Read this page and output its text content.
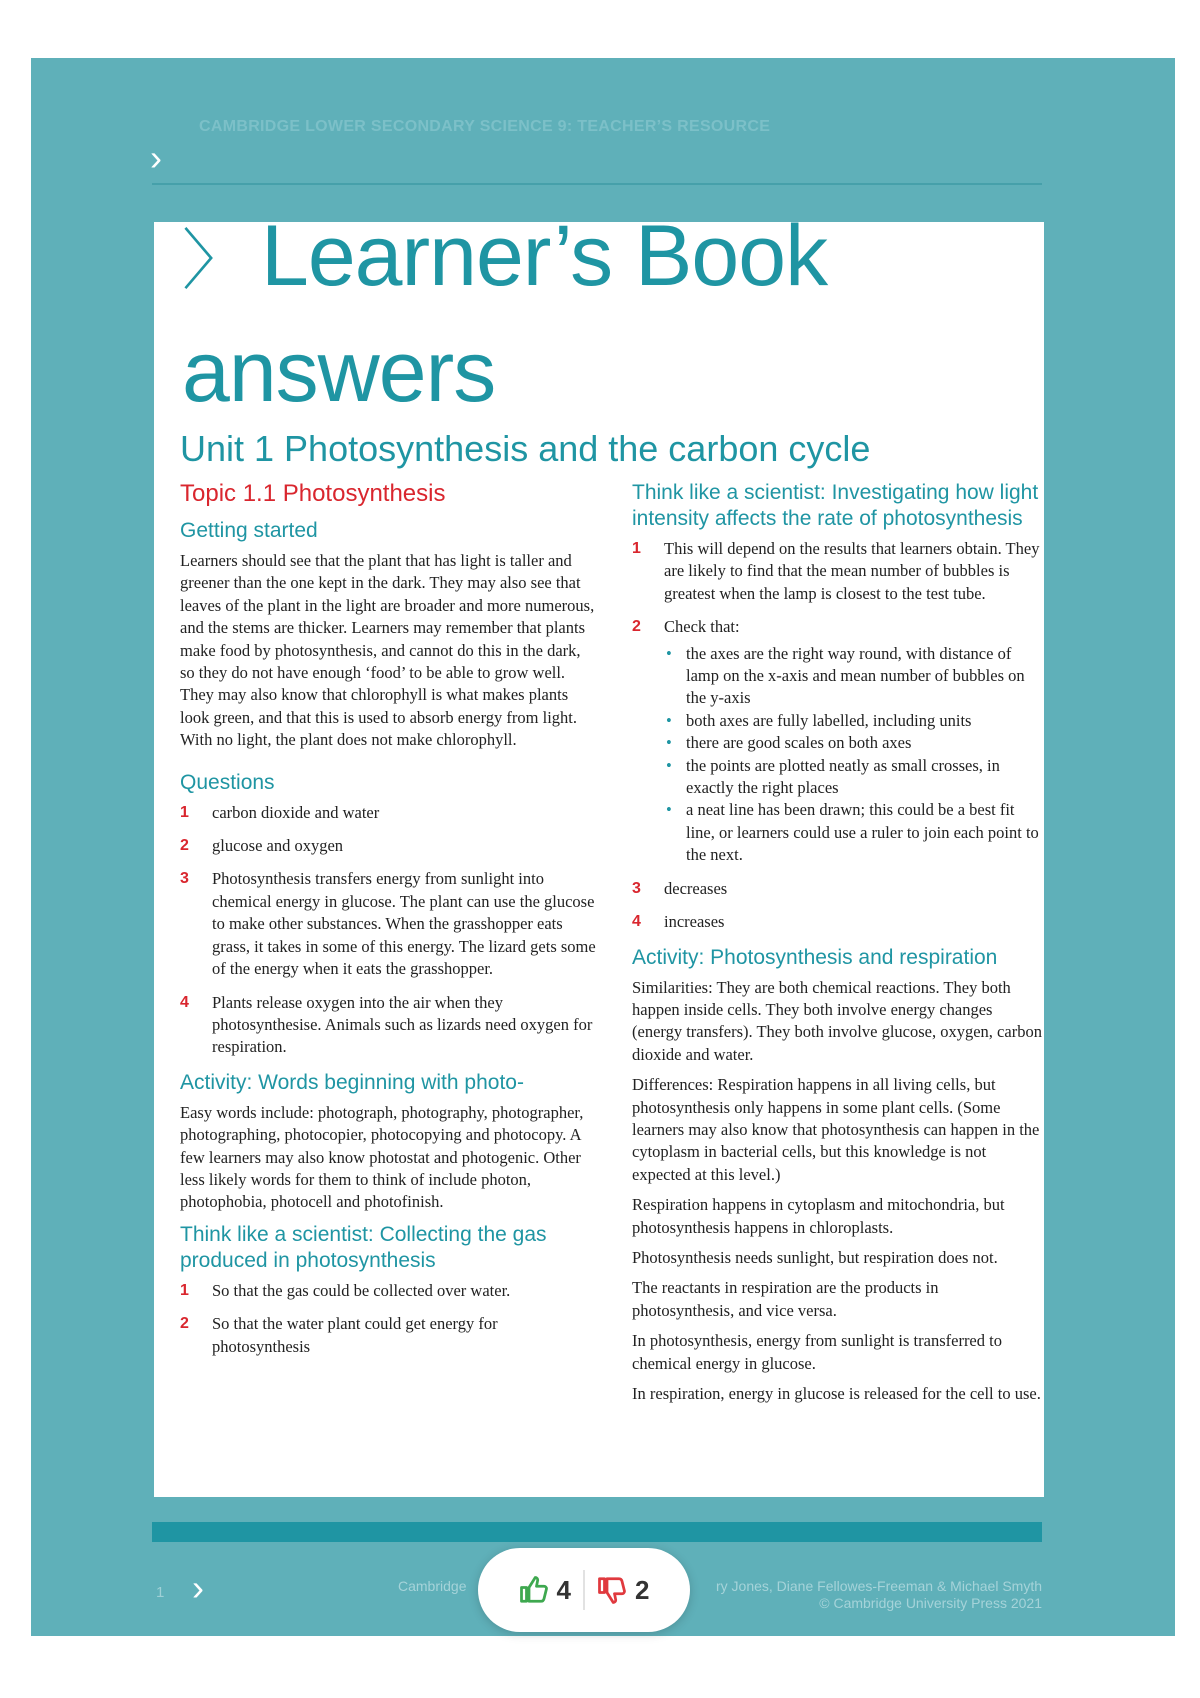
CAMBRIDGE LOWER SECONDARY SCIENCE 9: TEACHER’S RESOURCE
›
〉 Learner’s Book
answers
Unit 1 Photosynthesis and the carbon cycle
Topic 1.1 Photosynthesis
Getting started

Learners should see that the plant that has light is taller and greener than the one kept in the dark. They may also see that leaves of the plant in the light are broader and more numerous, and the stems are thicker. Learners may remember that plants make food by photosynthesis, and cannot do this in the dark, so they do not have enough ‘food’ to be able to grow well. They may also know that chlorophyll is what makes plants look green, and that this is used to absorb energy from light. With no light, the plant does not make chlorophyll.

Questions
1 carbon dioxide and water
2 glucose and oxygen
3 Photosynthesis transfers energy from sunlight into chemical energy in glucose. The plant can use the glucose to make other substances. When the grasshopper eats grass, it takes in some of this energy. The lizard gets some of the energy when it eats the grasshopper.
4 Plants release oxygen into the air when they photosynthesise. Animals such as lizards need oxygen for respiration.
Activity: Words beginning with photo-

Easy words include: photograph, photography, photographer, photographing, photocopier, photocopying and photocopy. A few learners may also know photostat and photogenic. Other less likely words for them to think of include photon, photophobia, photocell and photofinish.

Think like a scientist: Collecting the gas produced in photosynthesis
1 So that the gas could be collected over water.
2 So that the water plant could get energy for photosynthesis
Think like a scientist: Investigating how light intensity affects the rate of photosynthesis
1 This will depend on the results that learners obtain. They are likely to find that the mean number of bubbles is greatest when the lamp is closest to the test tube.
2 Check that:
• the axes are the right way round, with distance of lamp on the x-axis and mean number of bubbles on the y-axis
• both axes are fully labelled, including units
• there are good scales on both axes
• the points are plotted neatly as small crosses, in exactly the right places
• a neat line has been drawn; this could be a best fit line, or learners could use a ruler to join each point to the next.
3 decreases
4 increases
Activity: Photosynthesis and respiration

Similarities: They are both chemical reactions. They both happen inside cells. They both involve energy changes (energy transfers). They both involve glucose, oxygen, carbon dioxide and water.

Differences: Respiration happens in all living cells, but photosynthesis only happens in some plant cells. (Some learners may also know that photosynthesis can happen in the cytoplasm in bacterial cells, but this knowledge is not expected at this level.)

Respiration happens in cytoplasm and mitochondria, but photosynthesis happens in chloroplasts.

Photosynthesis needs sunlight, but respiration does not.

The reactants in respiration are the products in photosynthesis, and vice versa.

In photosynthesis, energy from sunlight is transferred to chemical energy in glucose.

In respiration, energy in glucose is released for the cell to use.

1 ›	Cambridge	ry Jones, Diane Fellowes-Freeman & Michael Smyth
© Cambridge University Press 2021
4 2
